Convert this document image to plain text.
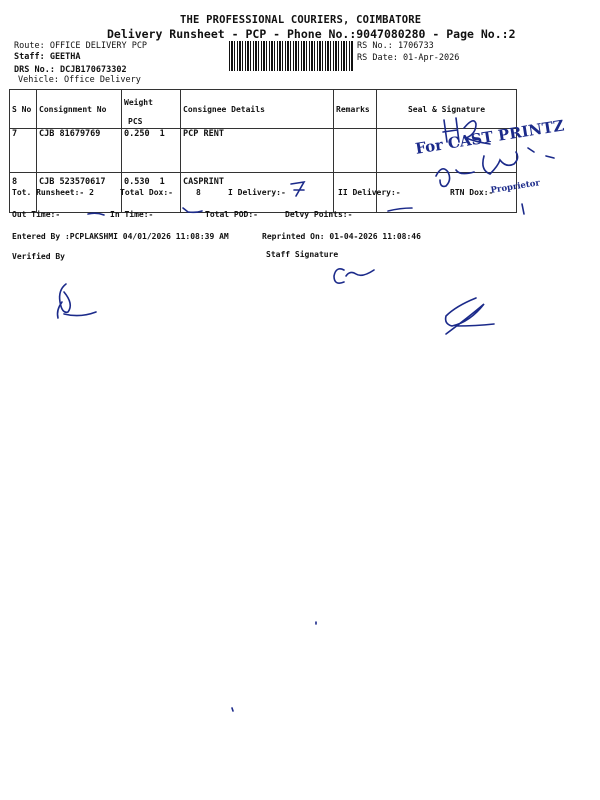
THE PROFESSIONAL COURIERS, COIMBATORE
Delivery Runsheet - PCP - Phone No.:9047080280 - Page No.:2
Route: OFFICE DELIVERY PCP
Staff: GEETHA
DRS No.: DCJB170673302
Vehicle: Office Delivery
RS No.: 1706733
RS Date: 01-Apr-2026
S No	Consignment No	Weight PCS	Consignee Details	Remarks	Seal & Signature
7	CJB 81679769	0.250 1	PCP RENT		
8	CJB 523570617	0.530 1	CASPRINT		
Tot. Runsheet:- 2	Total Dox:-	8	I Delivery:-	II Delivery:-	RTN Dox:-
Out Time:-	In Time:-	Total POD:-	Delvy Points:-
Entered By :PCPLAKSHMI 04/01/2026 11:08:39 AM	Reprinted On: 01-04-2026 11:08:46
Verified By	Staff Signature
For CAST PRINTZ
Proprietor
